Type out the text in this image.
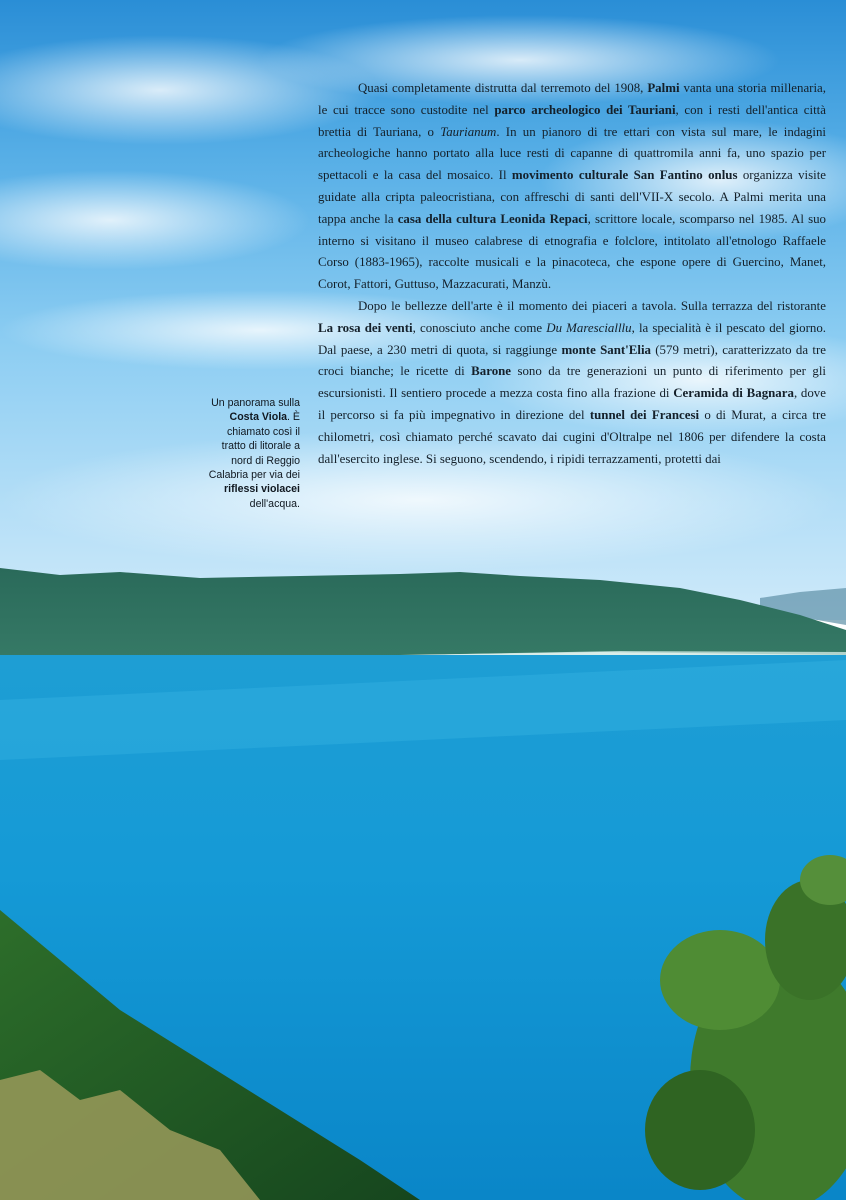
Un panorama sulla Costa Viola. È chiamato così il tratto di litorale a nord di Reggio Calabria per via dei riflessi violacei dell'acqua.

Quasi completamente distrutta dal terremoto del 1908, Palmi vanta una storia millenaria, le cui tracce sono custodite nel parco archeologico dei Tauriani, con i resti dell'antica città brettia di Tauriana, o Taurianum. In un pianoro di tre ettari con vista sul mare, le indagini archeologiche hanno portato alla luce resti di capanne di quattromila anni fa, uno spazio per spettacoli e la casa del mosaico. Il movimento culturale San Fantino onlus organizza visite guidate alla cripta paleocristiana, con affreschi di santi dell'VII-X secolo. A Palmi merita una tappa anche la casa della cultura Leonida Repaci, scrittore locale, scomparso nel 1985. Al suo interno si visitano il museo calabrese di etnografia e folclore, intitolato all'etnologo Raffaele Corso (1883-1965), raccolte musicali e la pinacoteca, che espone opere di Guercino, Manet, Corot, Fattori, Guttuso, Mazzacurati, Manzù.

Dopo le bellezze dell'arte è il momento dei piaceri a tavola. Sulla terrazza del ristorante La rosa dei venti, conosciuto anche come Du Marescialllu, la specialità è il pescato del giorno. Dal paese, a 230 metri di quota, si raggiunge monte Sant'Elia (579 metri), caratterizzato da tre croci bianche; le ricette di Barone sono da tre generazioni un punto di riferimento per gli escursionisti. Il sentiero procede a mezza costa fino alla frazione di Ceramida di Bagnara, dove il percorso si fa più impegnativo in direzione del tunnel dei Francesi o di Murat, a circa tre chilometri, così chiamato perché scavato dai cugini d'Oltralpe nel 1806 per difendere la costa dall'esercito inglese. Si seguono, scendendo, i ripidi terrazzamenti, protetti dai
